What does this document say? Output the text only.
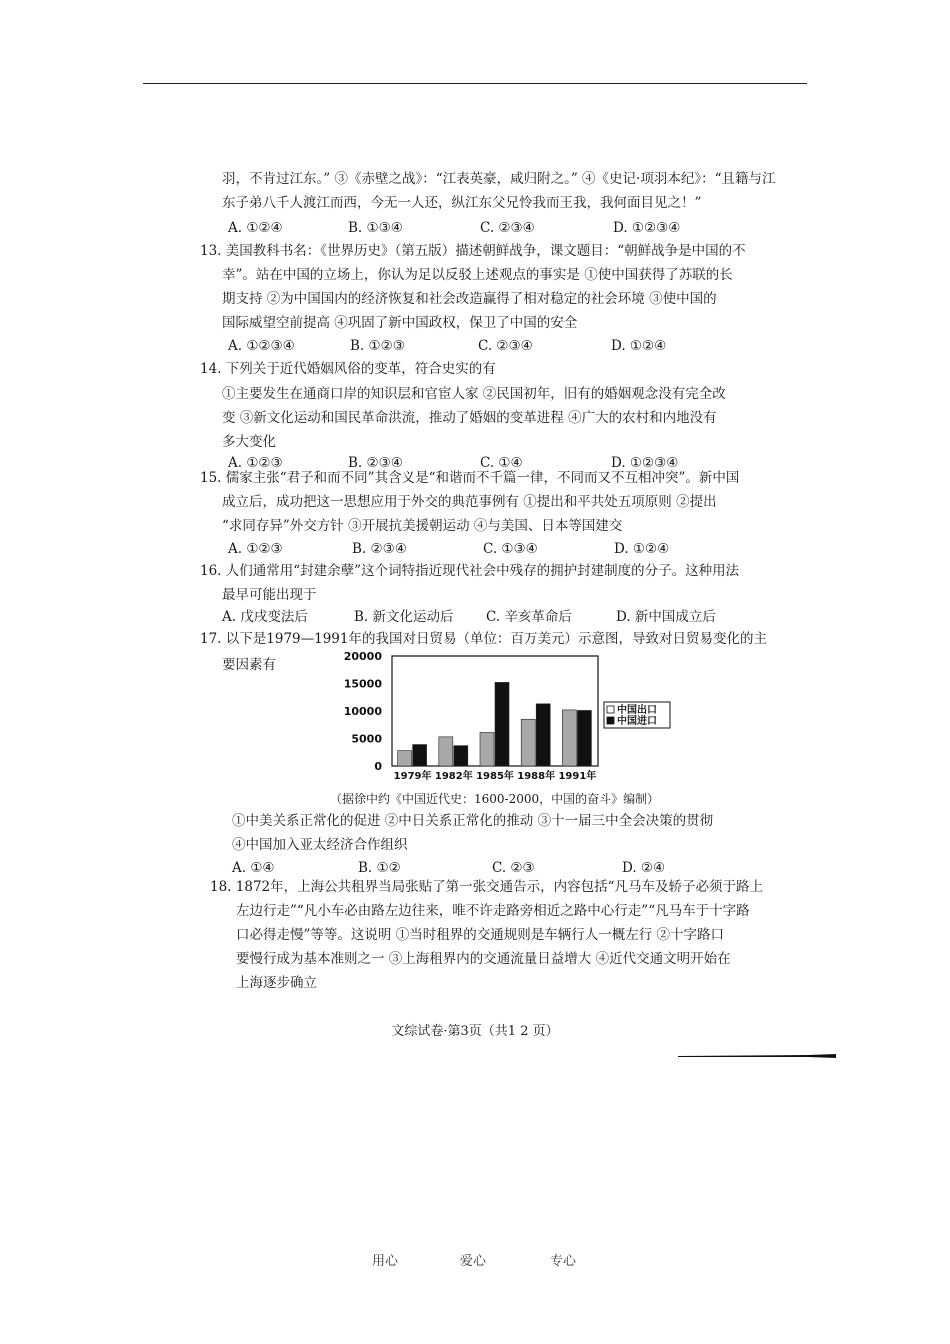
羽，不肯过江东。” ③《赤壁之战》：“江表英豪，咸归附之。” ④《史记·项羽本纪》：“且籍与江
东子弟八千人渡江而西，今无一人还，纵江东父兄怜我而王我，我何面目见之！”
A. ①②④	B. ①③④	C. ②③④	D. ①②③④
13. 美国教科书名：《世界历史》（第五版）描述朝鲜战争，课文题目：“朝鲜战争是中国的不
幸”。站在中国的立场上，你认为足以反驳上述观点的事实是 ①使中国获得了苏联的长
期支持 ②为中国国内的经济恢复和社会改造赢得了相对稳定的社会环境 ③使中国的
国际威望空前提高 ④巩固了新中国政权，保卫了中国的安全
A. ①②③④	B. ①②③	C. ②③④	D. ①②④
14. 下列关于近代婚姻风俗的变革，符合史实的有
①主要发生在通商口岸的知识层和官宦人家 ②民国初年，旧有的婚姻观念没有完全改
变 ③新文化运动和国民革命洪流，推动了婚姻的变革进程 ④广大的农村和内地没有
多大变化
A. ①②③	B. ②③④	C. ①④	D. ①②③④
15. 儒家主张“君子和而不同”其含义是“和谐而不千篇一律，不同而又不互相冲突”。新中国
成立后，成功把这一思想应用于外交的典范事例有 ①提出和平共处五项原则 ②提出
“求同存异”外交方针 ③开展抗美援朝运动 ④与美国、日本等国建交
A. ①②③	B. ②③④	C. ①③④	D. ①②④
16. 人们通常用“封建余孽”这个词特指近现代社会中残存的拥护封建制度的分子。这种用法
最早可能出现于
A. 戊戌变法后	B. 新文化运动后 C. 辛亥革命后	D. 新中国成立后
17. 以下是1979—1991年的我国对日贸易（单位：百万美元）示意图，导致对日贸易变化的主
要因素有
20000
15000
10000
5000
0
1979年 1982年 1985年 1988年 1991年
中国出口
中国进口
（据徐中约《中国近代史：1600-2000，中国的奋斗》编制）
①中美关系正常化的促进 ②中日关系正常化的推动 ③十一届三中全会决策的贯彻
④中国加入亚太经济合作组织
A. ①④	B. ①②	C. ②③	D. ②④
18. 1872年，上海公共租界当局张贴了第一张交通告示，内容包括“凡马车及轿子必须于路上
左边行走”“凡小车必由路左边往来，唯不许走路旁相近之路中心行走”“凡马车于十字路
口必得走慢”等等。这说明 ①当时租界的交通规则是车辆行人一概左行 ②十字路口
要慢行成为基本准则之一 ③上海租界内的交通流量日益增大 ④近代交通文明开始在
上海逐步确立
文综试卷·第3页（共1 2 页）
用心	爱心	专心
